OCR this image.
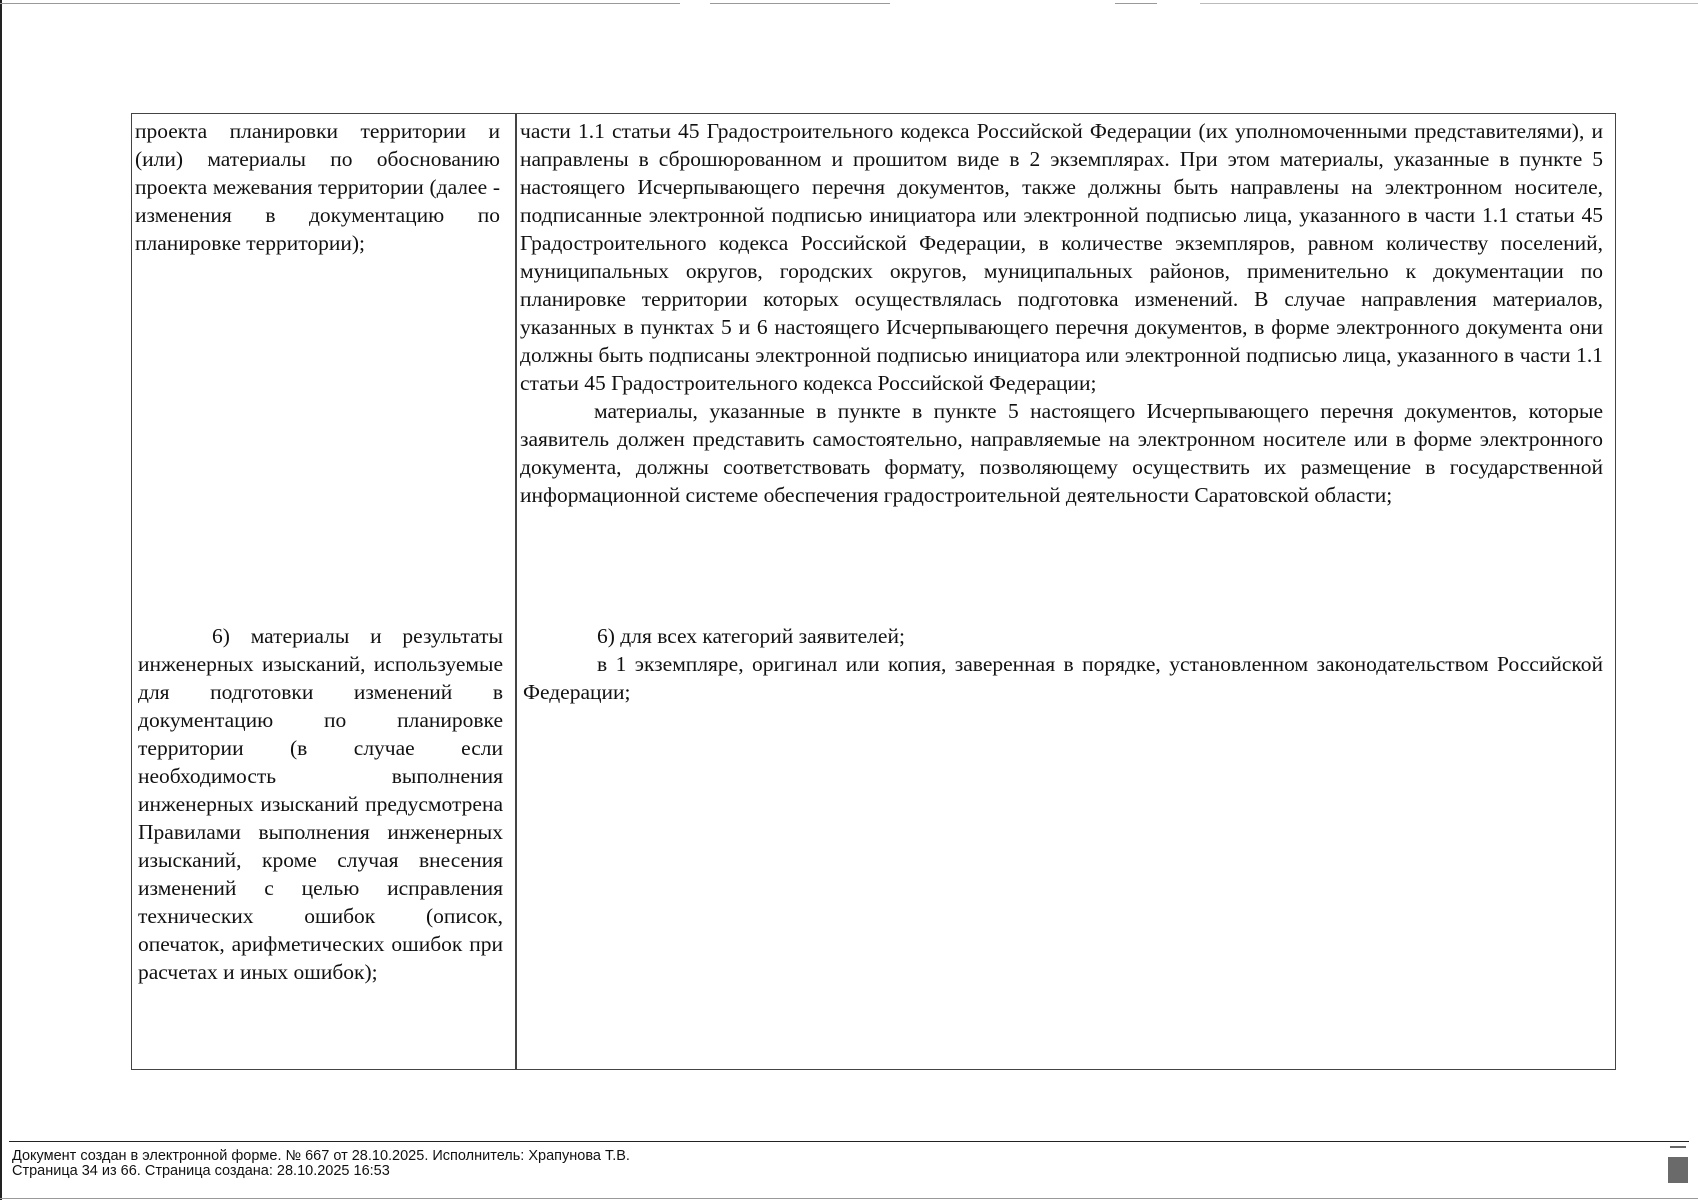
проекта планировки территории и (или) материалы по обоснованию проекта межевания территории (далее - изменения в документацию по планировке территории);

6) материалы и результаты инженерных изысканий, используемые для подготовки изменений в документацию по планировке территории (в случае если необходимость выполнения инженерных изысканий предусмотрена Правилами выполнения инженерных изысканий, кроме случая внесения изменений с целью исправления технических ошибок (описок, опечаток, арифметических ошибок при расчетах и иных ошибок);

части 1.1 статьи 45 Градостроительного кодекса Российской Федерации (их уполномоченными представителями), и направлены в сброшюрованном и прошитом виде в 2 экземплярах. При этом материалы, указанные в пункте 5 настоящего Исчерпывающего перечня документов, также должны быть направлены на электронном носителе, подписанные электронной подписью инициатора или электронной подписью лица, указанного в части 1.1 статьи 45 Градостроительного кодекса Российской Федерации, в количестве экземпляров, равном количеству поселений, муниципальных округов, городских округов, муниципальных районов, применительно к документации по планировке территории которых осуществлялась подготовка изменений. В случае направления материалов, указанных в пунктах 5 и 6 настоящего Исчерпывающего перечня документов, в форме электронного документа они должны быть подписаны электронной подписью инициатора или электронной подписью лица, указанного в части 1.1 статьи 45 Градостроительного кодекса Российской Федерации;

материалы, указанные в пункте в пункте 5 настоящего Исчерпывающего перечня документов, которые заявитель должен представить самостоятельно, направляемые на электронном носителе или в форме электронного документа, должны соответствовать формату, позволяющему осуществить их размещение в государственной информационной системе обеспечения градостроительной деятельности Саратовской области;

6) для всех категорий заявителей;

в 1 экземпляре, оригинал или копия, заверенная в порядке, установленном законодательством Российской Федерации;

Документ создан в электронной форме. № 667 от 28.10.2025. Исполнитель: Храпунова Т.В.
Страница 34 из 66. Страница создана: 28.10.2025 16:53
